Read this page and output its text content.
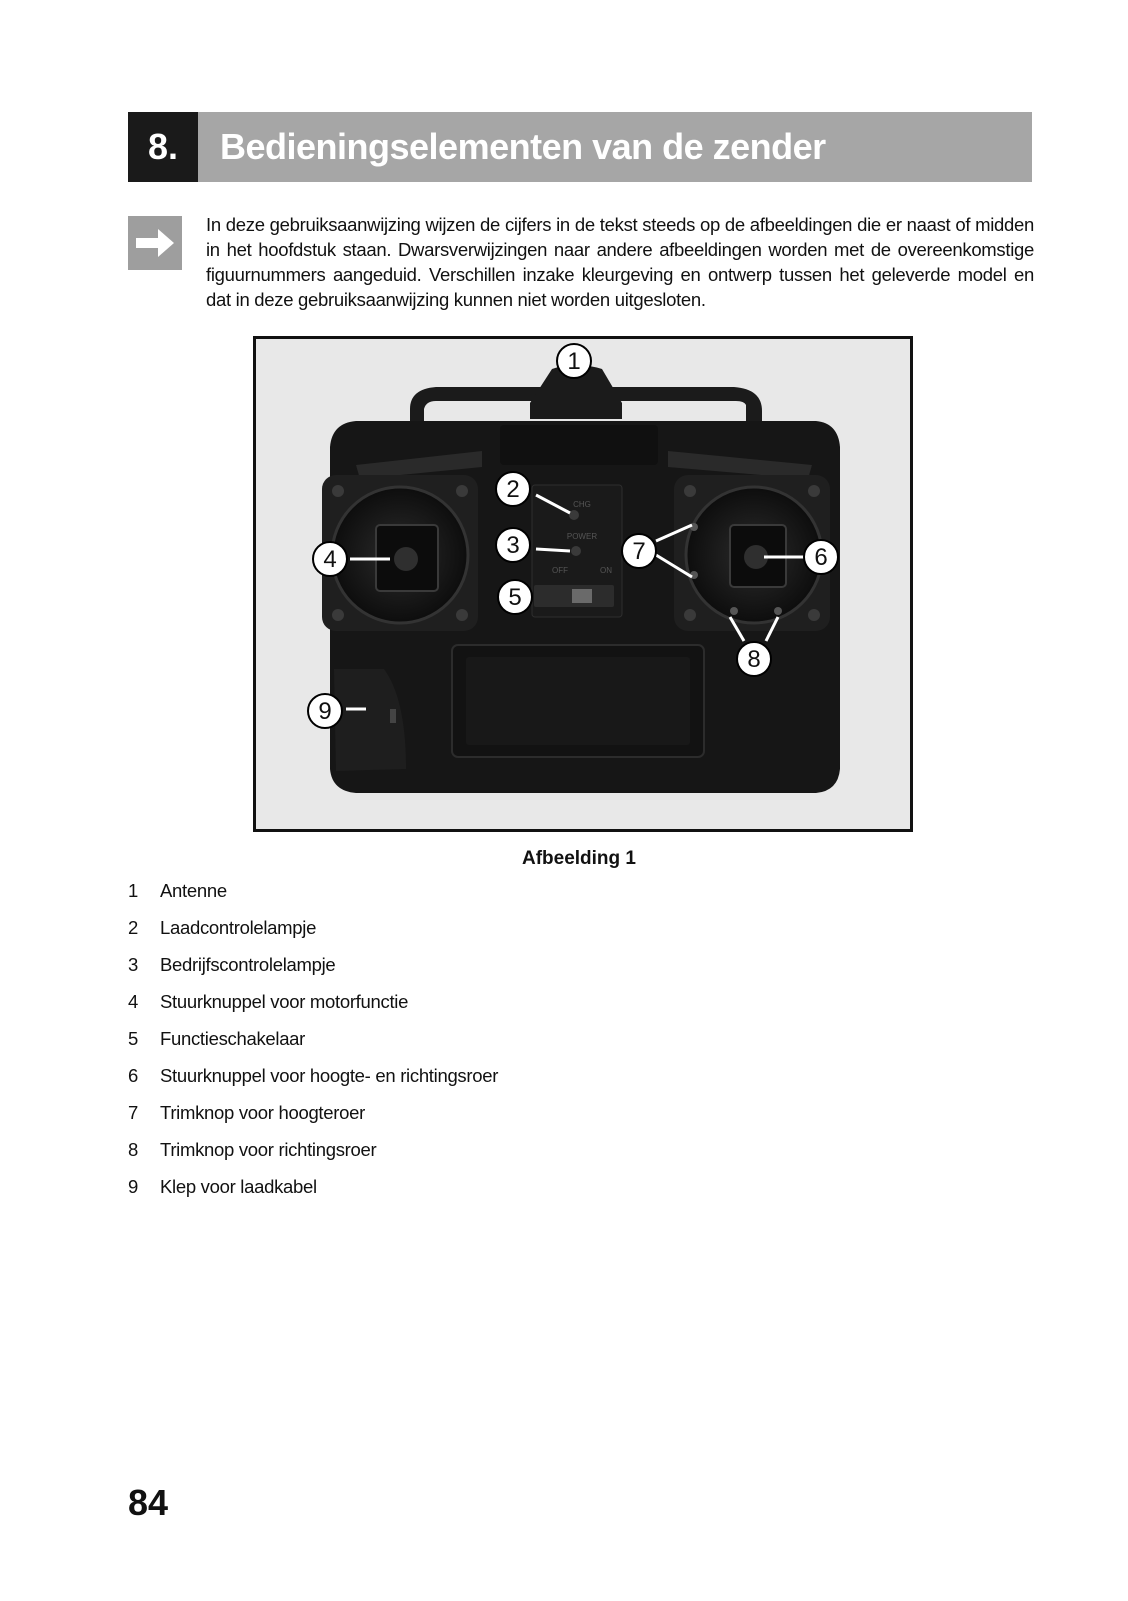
8.	Bedieningselementen van de zender
In deze gebruiksaanwijzing wijzen de cijfers in de tekst steeds op de afbeeldingen die er naast of midden in het hoofdstuk staan. Dwarsverwijzingen naar andere afbeeldingen worden met de overeenkomstige figuurnummers aangeduid. Verschillen inzake kleurgeving en ontwerp tussen het geleverde model en dat in deze gebruiksaanwijzing kunnen niet worden uitgesloten.
CHG
POWER
OFF	ON
1
2
3
4
5
6
7
8
9
Afbeelding 1
1	Antenne
2	Laadcontrolelampje
3	Bedrijfscontrolelampje
4	Stuurknuppel voor motorfunctie
5	Functieschakelaar
6	Stuurknuppel voor hoogte- en richtingsroer
7	Trimknop voor hoogteroer
8	Trimknop voor richtingsroer
9	Klep voor laadkabel
84
